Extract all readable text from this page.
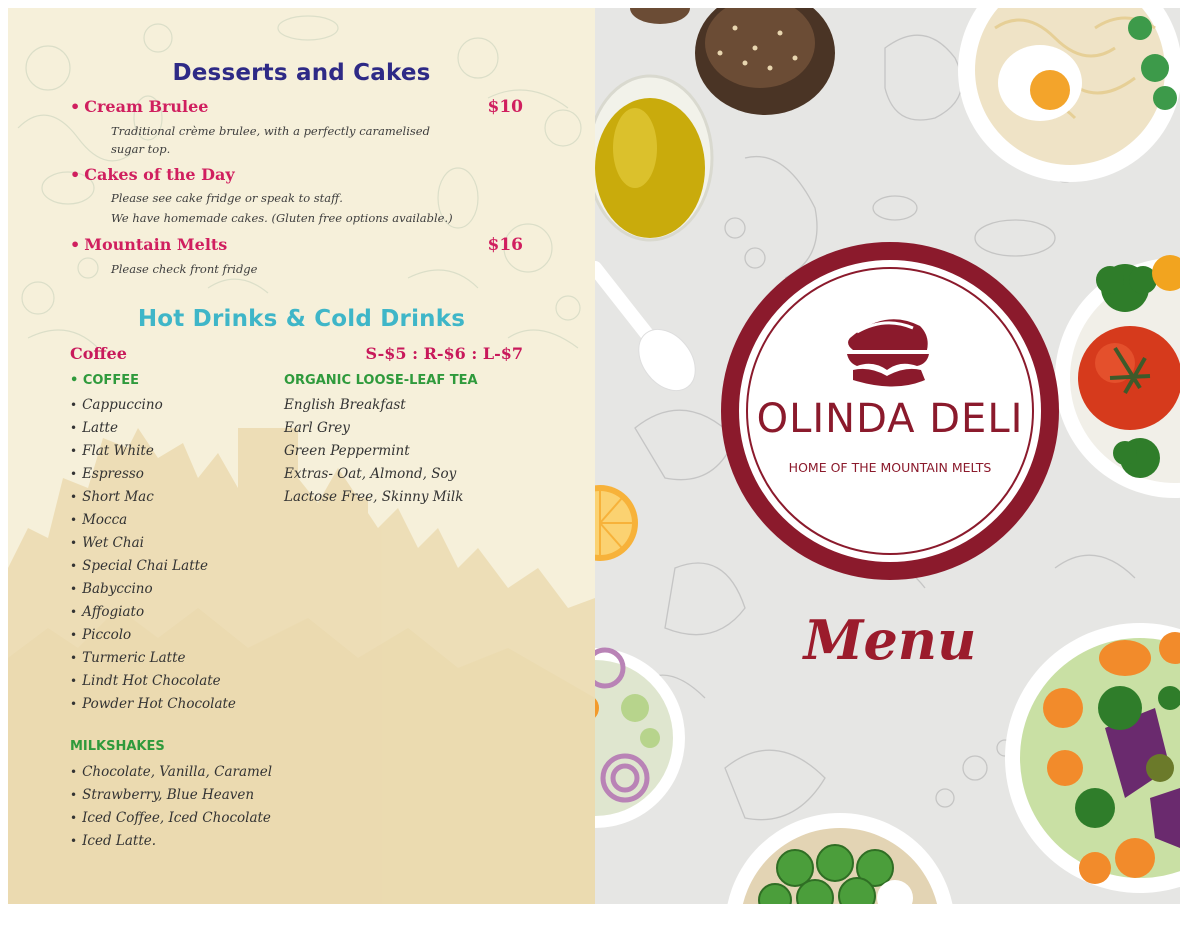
Desserts and Cakes
• Cream Brulee	$10
Traditional crème brulee, with a perfectly caramelised
sugar top.
• Cakes of the Day
Please see cake fridge or speak to staff.
We have homemade cakes. (Gluten free options available.)
• Mountain Melts	$16
Please check front fridge
Hot Drinks & Cold Drinks
Coffee	S-$5 : R-$6 : L-$7
• COFFEE	ORGANIC LOOSE-LEAF TEA
• Cappuccino
• Latte
• Flat White
• Espresso
• Short Mac
• Mocca
• Wet Chai
• Special Chai Latte
• Babyccino
• Affogiato
• Piccolo
• Turmeric Latte
• Lindt Hot Chocolate
• Powder Hot Chocolate
English Breakfast
Earl Grey
Green Peppermint
Extras- Oat, Almond, Soy
Lactose Free, Skinny Milk
MILKSHAKES
• Chocolate, Vanilla, Caramel
• Strawberry, Blue Heaven
• Iced Coffee, Iced Chocolate
• Iced Latte.
OLINDA DELI
HOME OF THE MOUNTAIN MELTS
Menu
